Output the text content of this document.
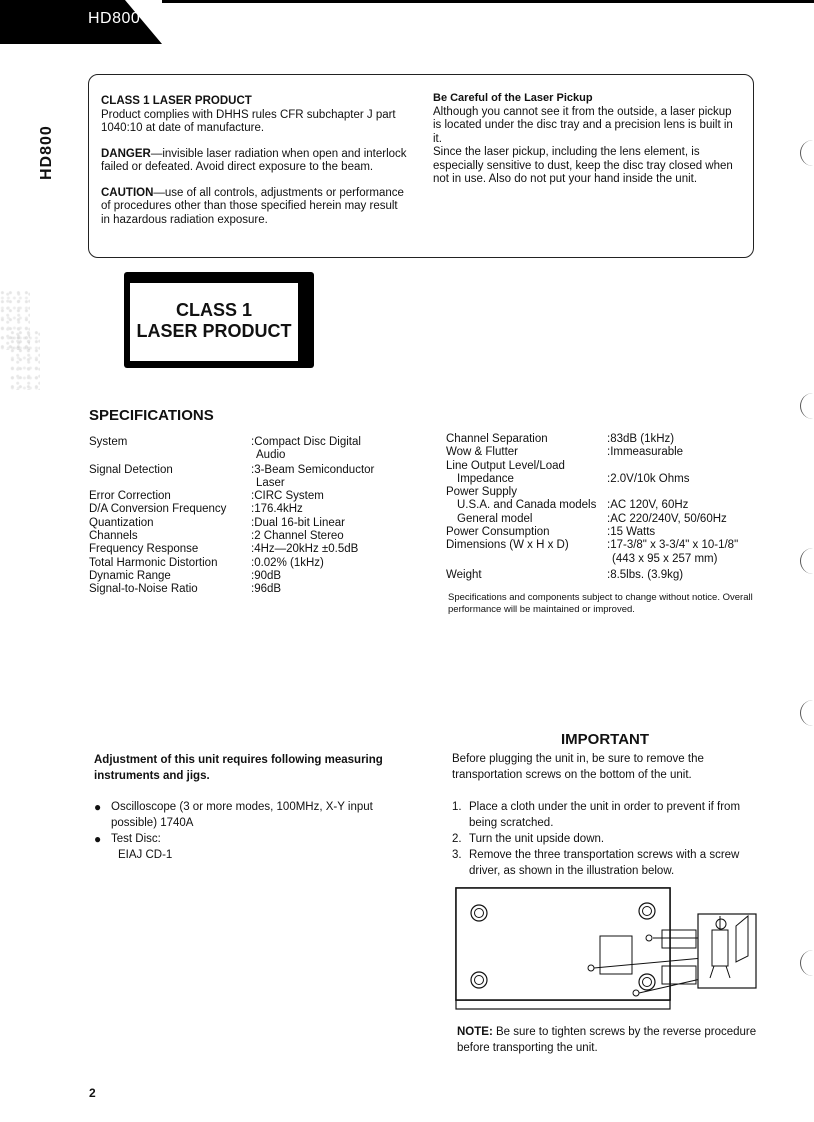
HD800
HD800

CLASS 1 LASER PRODUCT
Product complies with DHHS rules CFR subchapter J part 1040:10 at date of manufacture.

DANGER—invisible laser radiation when open and interlock failed or defeated. Avoid direct exposure to the beam.

CAUTION—use of all controls, adjustments or performance of procedures other than those specified herein may result in hazardous radiation exposure.

Be Careful of the Laser Pickup
Although you cannot see it from the outside, a laser pickup is located under the disc tray and a precision lens is built in it.
Since the laser pickup, including the lens element, is especially sensitive to dust, keep the disc tray closed when not in use. Also do not put your hand inside the unit.
CLASS 1
LASER PRODUCT
SPECIFICATIONS
System	:Compact Disc Digital
Audio
Signal Detection	:3-Beam Semiconductor
Laser
Error Correction	:CIRC System
D/A Conversion Frequency	:176.4kHz
Quantization	:Dual 16-bit Linear
Channels	:2 Channel Stereo
Frequency Response	:4Hz—20kHz ±0.5dB
Total Harmonic Distortion	:0.02% (1kHz)
Dynamic Range	:90dB
Signal-to-Noise Ratio	:96dB
Channel Separation	:83dB (1kHz)
Wow & Flutter	:Immeasurable
Line Output Level/Load
Impedance	:2.0V/10k Ohms
Power Supply
U.S.A. and Canada models :AC 120V, 60Hz
General model	:AC 220/240V, 50/60Hz
Power Consumption	:15 Watts
Dimensions (W x H x D)	:17-3/8" x 3-3/4" x 10-1/8"
(443 x 95 x 257 mm)
Weight	:8.5lbs. (3.9kg)
Specifications and components subject to change without notice. Overall performance will be maintained or improved.
Adjustment of this unit requires following measuring instruments and jigs.
● Oscilloscope (3 or more modes, 100MHz, X-Y input possible) 1740A
● Test Disc:
EIAJ CD-1
IMPORTANT
Before plugging the unit in, be sure to remove the transportation screws on the bottom of the unit.
1. Place a cloth under the unit in order to prevent if from being scratched.
2. Turn the unit upside down.
3. Remove the three transportation screws with a screw driver, as shown in the illustration below.
NOTE: Be sure to tighten screws by the reverse procedure before transporting the unit.
2
